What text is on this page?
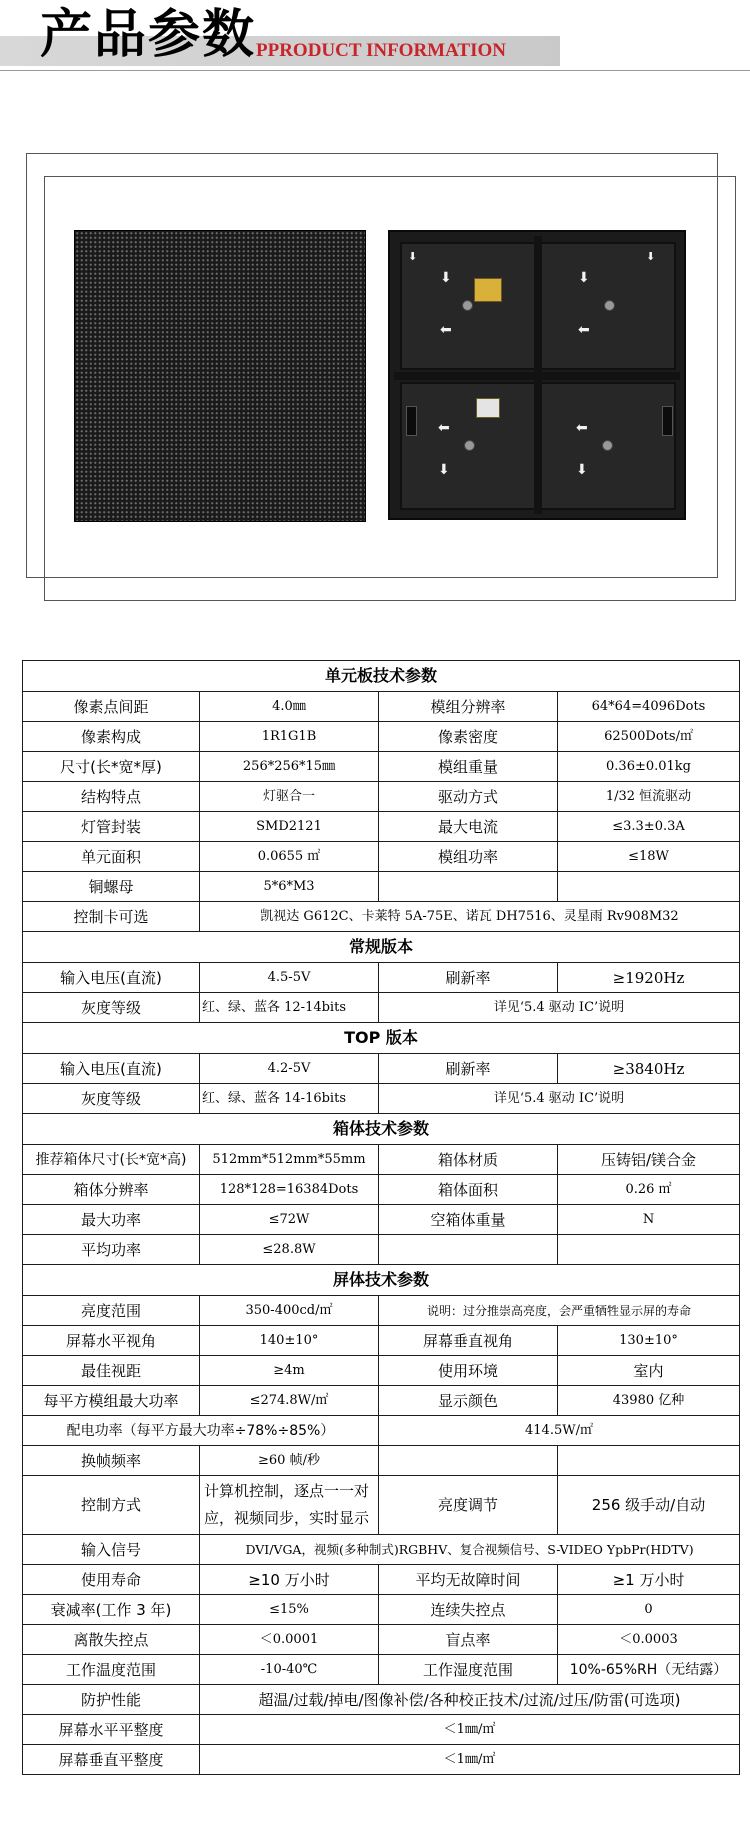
产品参数 PPRODUCT INFORMATION
⬇
⬅
⬇
⬇
⬅
⬇
⬅
⬇
⬅
⬇
单元板技术参数			
像素点间距	4.0㎜	模组分辨率	64*64=4096Dots
像素构成	1R1G1B	像素密度	62500Dots/㎡
尺寸(长*宽*厚)	256*256*15㎜	模组重量	0.36±0.01kg
结构特点	灯驱合一	驱动方式	1/32 恒流驱动
灯管封装	SMD2121	最大电流	≤3.3±0.3A
单元面积	0.0655 ㎡	模组功率	≤18W
铜螺母	5*6*M3		
控制卡可选	凯视达 G612C、卡莱特 5A-75E、诺瓦 DH7516、灵星雨 Rv908M32		
常规版本			
输入电压(直流)	4.5-5V	刷新率	≥1920Hz
灰度等级	红、绿、蓝各 12-14bits	详见‘5.4 驱动 IC’说明	
TOP 版本			
输入电压(直流)	4.2-5V	刷新率	≥3840Hz
灰度等级	红、绿、蓝各 14-16bits	详见‘5.4 驱动 IC’说明	
箱体技术参数			
推荐箱体尺寸(长*宽*高)	512mm*512mm*55mm	箱体材质	压铸铝/镁合金
箱体分辨率	128*128=16384Dots	箱体面积	0.26 ㎡
最大功率	≤72W	空箱体重量	N
平均功率	≤28.8W		
屏体技术参数			
亮度范围	350-400cd/㎡	说明：过分推崇高亮度，会严重牺牲显示屏的寿命	
屏幕水平视角	140±10°	屏幕垂直视角	130±10°
最佳视距	≥4m	使用环境	室内
每平方模组最大功率	≤274.8W/㎡	显示颜色	43980 亿种
配电功率（每平方最大功率÷78%÷85%）		414.5W/㎡	
换帧频率	≥60 帧/秒		
控制方式	计算机控制，逐点一一对应，视频同步，实时显示	亮度调节	256 级手动/自动
输入信号	DVI/VGA，视频(多种制式)RGBHV、复合视频信号、S-VIDEO YpbPr(HDTV)		
使用寿命	≥10 万小时	平均无故障时间	≥1 万小时
衰减率(工作 3 年)	≤15%	连续失控点	0
离散失控点	＜0.0001	盲点率	＜0.0003
工作温度范围	-10-40℃	工作湿度范围	10%-65%RH（无结露）
防护性能	超温/过载/掉电/图像补偿/各种校正技术/过流/过压/防雷(可选项)		
屏幕水平平整度	＜1㎜/㎡		
屏幕垂直平整度	＜1㎜/㎡		
